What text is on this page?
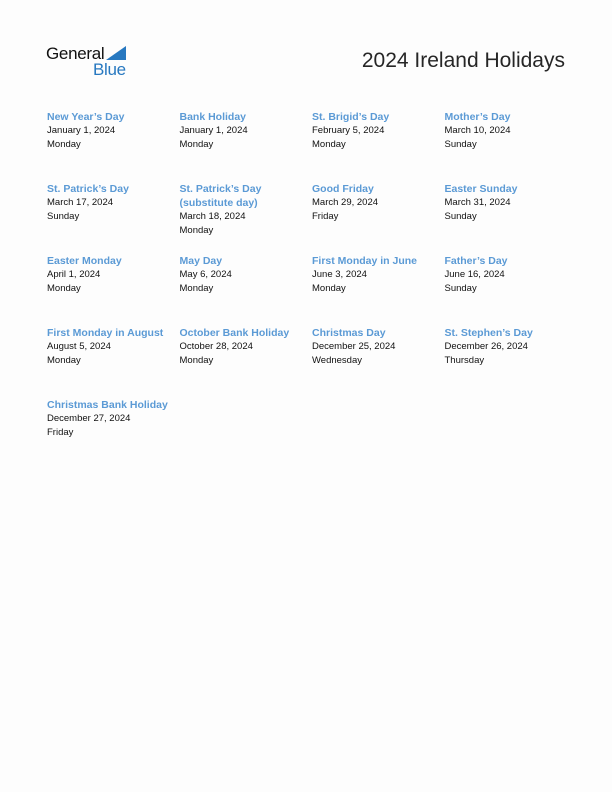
General
Blue	2024 Ireland Holidays
New Year’s Day
January 1, 2024
Monday
Bank Holiday
January 1, 2024
Monday
St. Brigid’s Day
February 5, 2024
Monday
Mother’s Day
March 10, 2024
Sunday
St. Patrick’s Day
March 17, 2024
Sunday
St. Patrick’s Day (substitute day)
March 18, 2024
Monday
Good Friday
March 29, 2024
Friday
Easter Sunday
March 31, 2024
Sunday
Easter Monday
April 1, 2024
Monday
May Day
May 6, 2024
Monday
First Monday in June
June 3, 2024
Monday
Father’s Day
June 16, 2024
Sunday
First Monday in August
August 5, 2024
Monday
October Bank Holiday
October 28, 2024
Monday
Christmas Day
December 25, 2024
Wednesday
St. Stephen’s Day
December 26, 2024
Thursday
Christmas Bank Holiday
December 27, 2024
Friday
